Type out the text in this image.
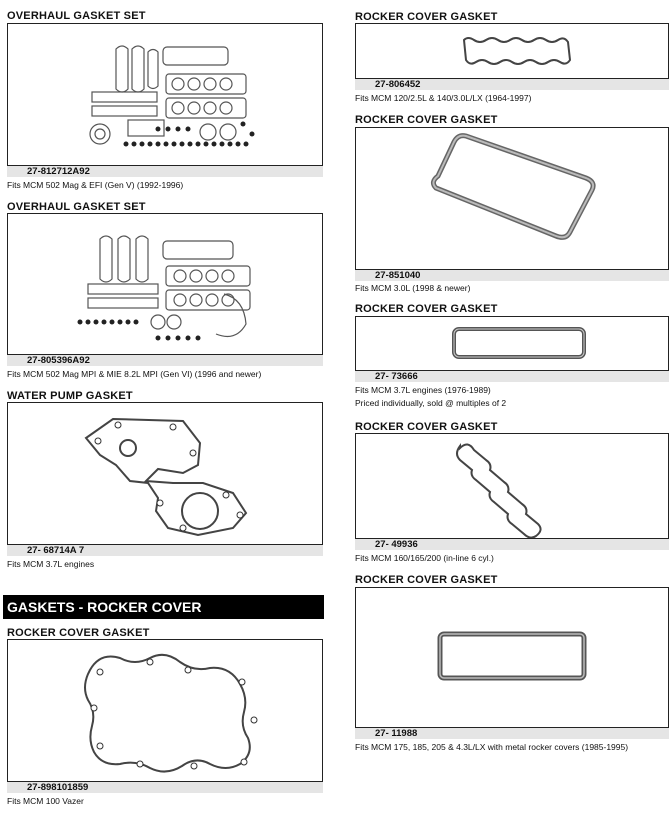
OVERHAUL GASKET SET
27-812712A92
Fits MCM 502 Mag & EFI (Gen V) (1992-1996)
OVERHAUL GASKET SET
27-805396A92
Fits MCM 502 Mag MPI & MIE 8.2L MPI (Gen VI) (1996 and newer)
WATER PUMP GASKET
27- 68714A 7
Fits MCM 3.7L engines
GASKETS - ROCKER COVER
ROCKER COVER GASKET
27-898101859
Fits MCM 100 Vazer
ROCKER COVER GASKET
27-806452
Fits MCM 120/2.5L & 140/3.0L/LX (1964-1997)
ROCKER COVER GASKET
27-851040
Fits MCM 3.0L (1998 & newer)
ROCKER COVER GASKET
27- 73666
Fits MCM 3.7L engines (1976-1989)
Priced individually, sold @ multiples of 2
ROCKER COVER GASKET
27- 49936
Fits MCM 160/165/200 (in-line 6 cyl.)
ROCKER COVER GASKET
27- 11988
Fits MCM 175, 185, 205 & 4.3L/LX with metal rocker covers (1985-1995)
